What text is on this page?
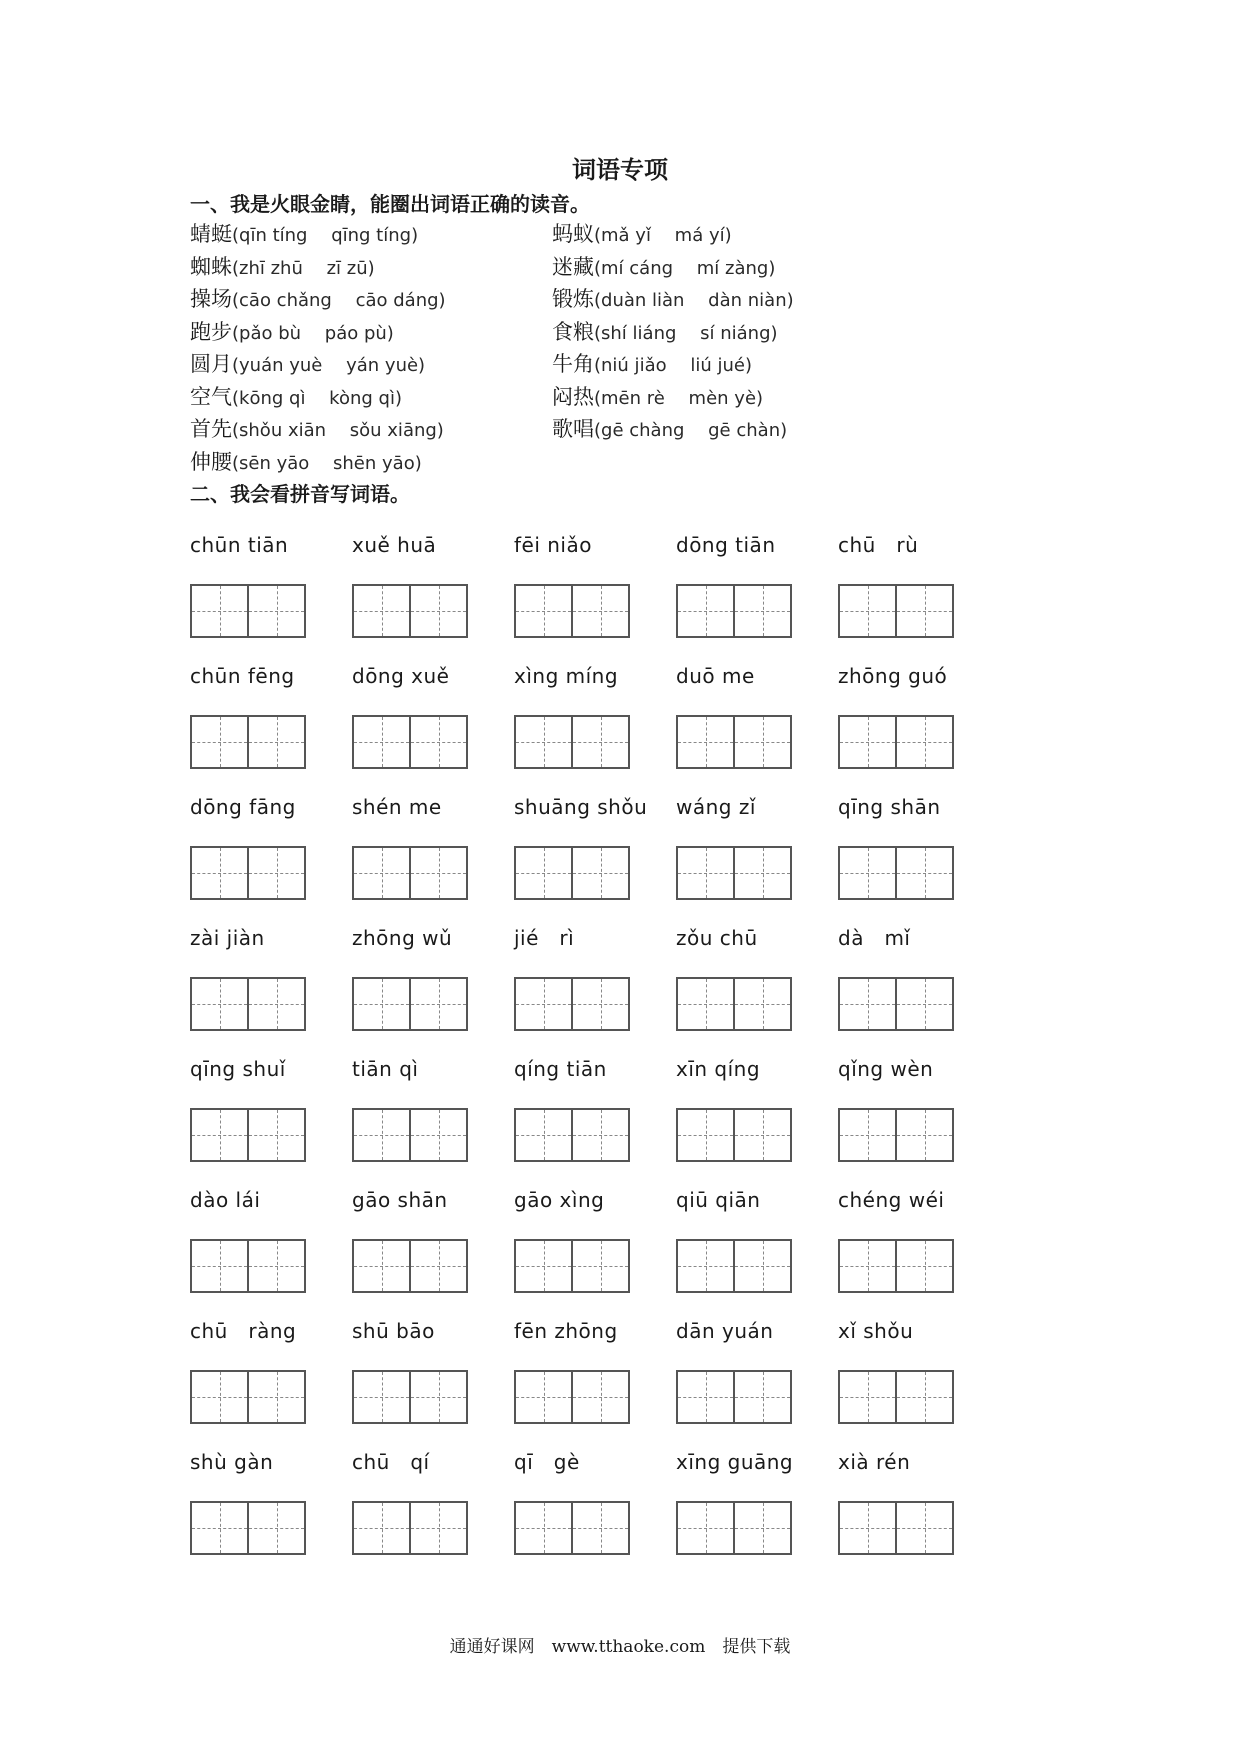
词语专项
一、我是火眼金睛，能圈出词语正确的读音。
蜻蜓(qīn tíng　 qīng tíng)	蚂蚁(mǎ yǐ　 má yí)
蜘蛛(zhī zhū　 zī zū)	迷藏(mí cáng　 mí zàng)
操场(cāo chǎng　 cāo dáng)	锻炼(duàn liàn　 dàn niàn)
跑步(pǎo bù　 páo pù)	食粮(shí liáng　 sí niáng)
圆月(yuán yuè　 yán yuè)	牛角(niú jiǎo　 liú jué)
空气(kōng qì　 kòng qì)	闷热(mēn rè　 mèn yè)
首先(shǒu xiān　 sǒu xiāng)	歌唱(gē chàng　 gē chàn)
伸腰(sēn yāo　 shēn yāo)
二、我会看拼音写词语。
chūn tiān	xuě huā	fēi niǎo	dōng tiān	chū　rù
chūn fēng	dōng xuě	xìng míng	duō me	zhōng guó
dōng fāng	shén me	shuāng shǒu	wáng zǐ	qīng shān
zài jiàn	zhōng wǔ	jié　rì	zǒu chū	dà　mǐ
qīng shuǐ	tiān qì	qíng tiān	xīn qíng	qǐng wèn
dào lái	gāo shān	gāo xìng	qiū qiān	chéng wéi
chū　ràng	shū bāo	fēn zhōng	dān yuán	xǐ shǒu
shù gàn	chū　qí	qī　gè	xīng guāng	xià rén
通通好课网　www.tthaoke.com　提供下载
